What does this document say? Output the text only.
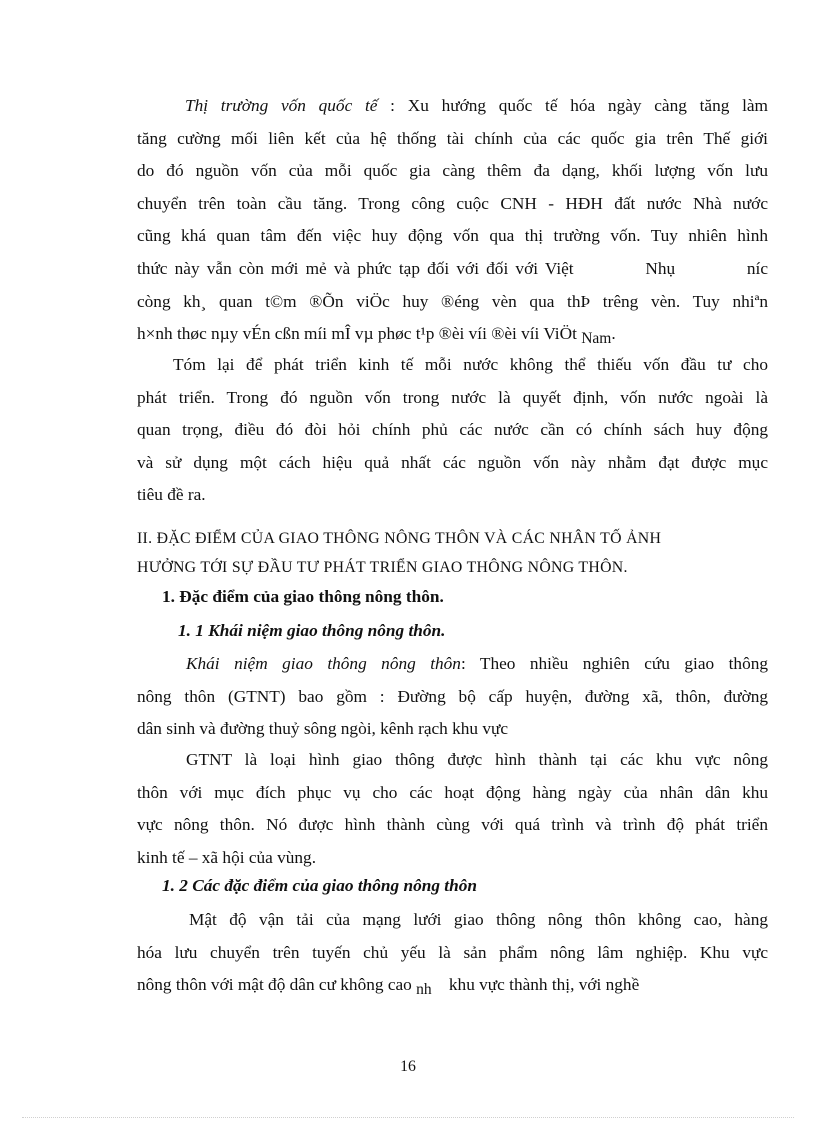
Thị trường vốn quốc tế : Xu hướng quốc tế hóa ngày càng tăng làm
tăng cường mối liên kết của hệ thống tài chính của các quốc gia trên Thế giới
do đó nguồn vốn của mỗi quốc gia càng thêm đa dạng, khối lượng vốn lưu
chuyển trên toàn cầu tăng. Trong công cuộc CNH - HĐH đất nước Nhà nước
cũng khá quan tâm đến việc huy động vốn qua thị trường vốn. Tuy nhiên hình
thức này vẫn còn mới mẻ và phức tạp đối với đối với Việt          Nhụ          níc
còng kh¸ quan t©m ®Õn viÖc huy ®éng vèn qua thÞ trêng vèn. Tuy nhiªn
h×nh thøc nµy vÉn cßn míi mÎ vµ phøc t¹p ®èi víi ®èi víi ViÖt Nam.
Tóm lại để phát triển kinh tế mỗi nước không thể thiếu vốn đầu tư cho
phát triển. Trong đó nguồn vốn trong nước là quyết định, vốn nước ngoài là
quan trọng, điều đó đòi hỏi chính phủ các nước cần có chính sách huy động
và sử dụng một cách hiệu quả nhất các nguồn vốn này nhằm đạt được mục
tiêu đề ra.
II. ĐẶC ĐIỂM CỦA GIAO THÔNG NÔNG THÔN VÀ CÁC NHÂN TỐ ẢNH
HƯỞNG TỚI SỰ ĐẦU TƯ PHÁT TRIỂN GIAO THÔNG NÔNG THÔN.
1. Đặc điểm của giao thông nông thôn.
1. 1 Khái niệm giao thông nông thôn.
Khái niệm giao thông nông thôn: Theo nhiều nghiên cứu giao thông
nông thôn (GTNT) bao gồm : Đường bộ cấp huyện, đường xã, thôn, đường
dân sinh và đường thuỷ sông ngòi, kênh rạch khu vực
GTNT là loại hình giao thông được hình thành tại các khu vực nông
thôn với mục đích phục vụ cho các hoạt động hàng ngày của nhân dân khu
vực nông thôn. Nó được hình thành cùng với quá trình và trình độ phát triển
kinh tế – xã hội của vùng.
1. 2 Các đặc điểm của giao thông nông thôn
Mật độ vận tải của mạng lưới giao thông nông thôn không cao, hàng
hóa lưu chuyển trên tuyến chủ yếu là sản phẩm nông lâm nghiệp. Khu vực
nông thôn với mật độ dân cư không cao nh    khu vực thành thị, với nghề
16
